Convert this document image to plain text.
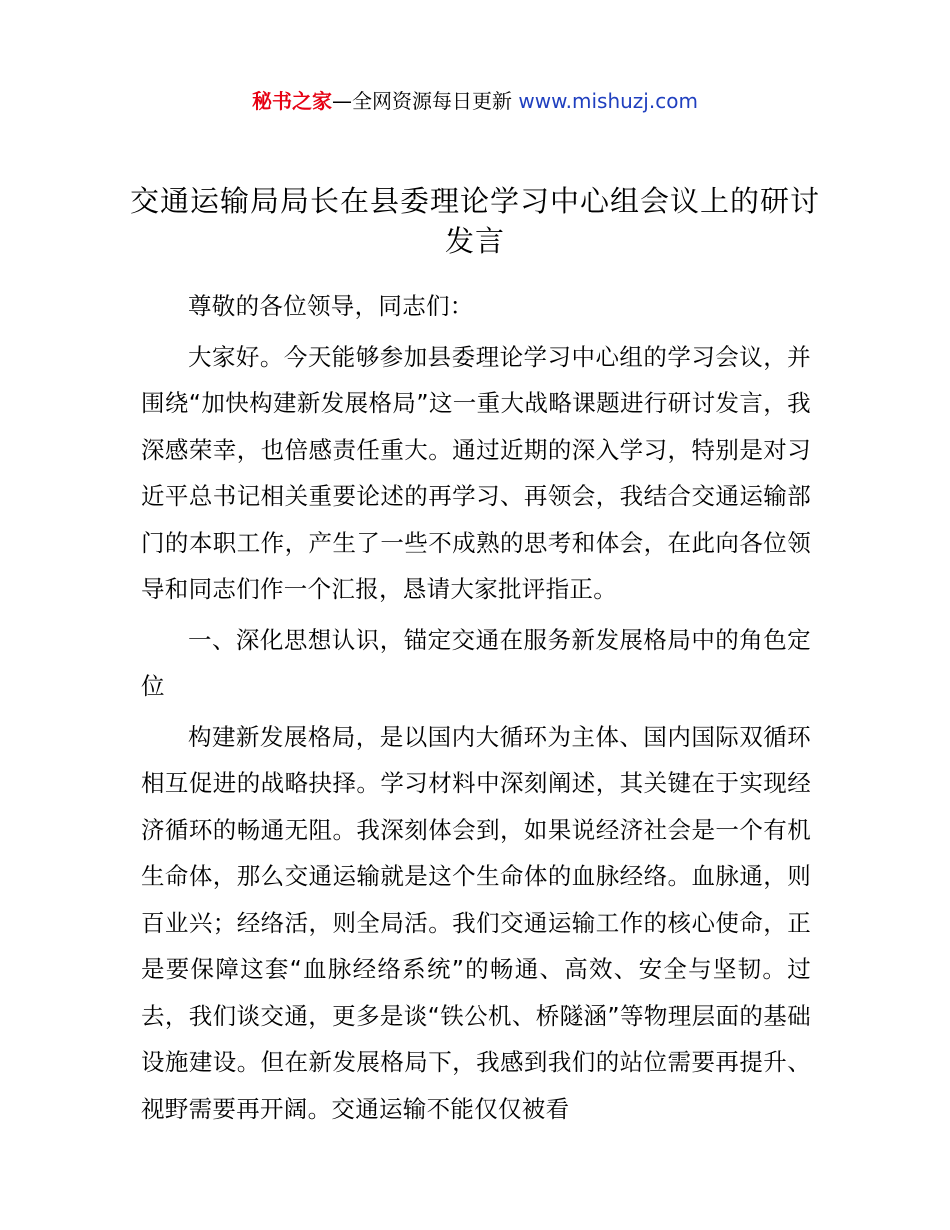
秘书之家—全网资源每日更新 www.mishuzj.com
交通运输局局长在县委理论学习中心组会议上的研讨发言

尊敬的各位领导，同志们：

大家好。今天能够参加县委理论学习中心组的学习会议，并围绕“加快构建新发展格局”这一重大战略课题进行研讨发言，我深感荣幸，也倍感责任重大。通过近期的深入学习，特别是对习近平总书记相关重要论述的再学习、再领会，我结合交通运输部门的本职工作，产生了一些不成熟的思考和体会，在此向各位领导和同志们作一个汇报，恳请大家批评指正。

一、深化思想认识，锚定交通在服务新发展格局中的角色定位

构建新发展格局，是以国内大循环为主体、国内国际双循环相互促进的战略抉择。学习材料中深刻阐述，其关键在于实现经济循环的畅通无阻。我深刻体会到，如果说经济社会是一个有机生命体，那么交通运输就是这个生命体的血脉经络。血脉通，则百业兴；经络活，则全局活。我们交通运输工作的核心使命，正是要保障这套“血脉经络系统”的畅通、高效、安全与坚韧。过去，我们谈交通，更多是谈“铁公机、桥隧涵”等物理层面的基础设施建设。但在新发展格局下，我感到我们的站位需要再提升、视野需要再开阔。交通运输不能仅仅被看
